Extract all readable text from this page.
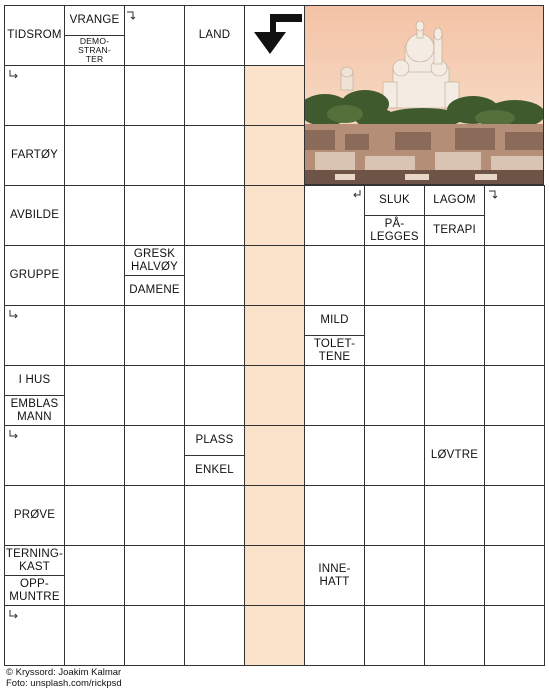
TIDSROM
VRANGE
DEMO-
STRAN-
TER
LAND
FARTØY
AVBILDE
GRESK
HALVØY
DAMENE
GRUPPE
SLUK	LAGOM
PÅ-
LEGGES
TERAPI
MILD
TOLET-
TENE
I HUS
EMBLAS
MANN
PLASS
ENKEL
LØVTRE
PRØVE
TERNING-
KAST
OPP-
MUNTRE
INNE-
HATT
© Kryssord: Joakim Kalmar
Foto: unsplash.com/rickpsd
